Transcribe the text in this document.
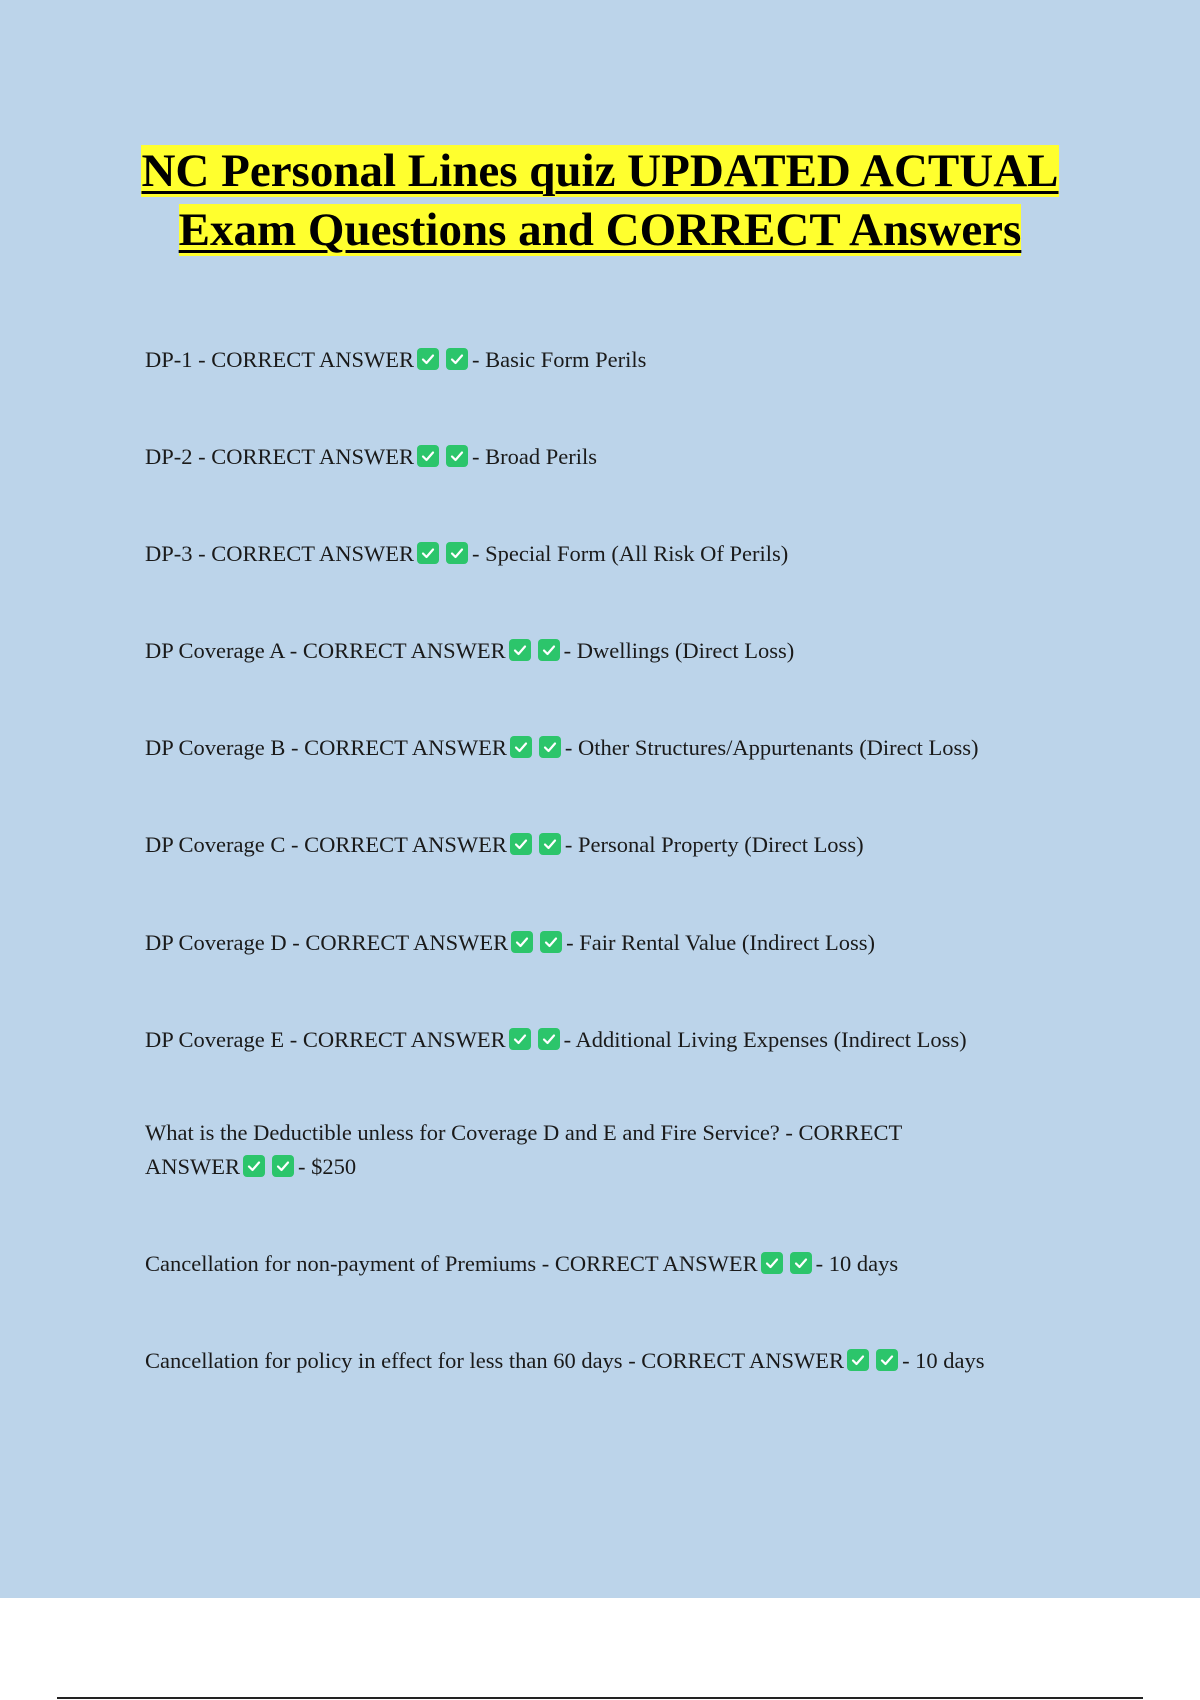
NC Personal Lines quiz UPDATED ACTUAL Exam Questions and CORRECT Answers
DP-1 - CORRECT ANSWER	- Basic Form Perils
DP-2 - CORRECT ANSWER	- Broad Perils
DP-3 - CORRECT ANSWER	- Special Form (All Risk Of Perils)
DP Coverage A - CORRECT ANSWER	- Dwellings (Direct Loss)
DP Coverage B - CORRECT ANSWER	- Other Structures/Appurtenants (Direct Loss)
DP Coverage C - CORRECT ANSWER	- Personal Property (Direct Loss)
DP Coverage D - CORRECT ANSWER	- Fair Rental Value (Indirect Loss)
DP Coverage E - CORRECT ANSWER	- Additional Living Expenses (Indirect Loss)
What is the Deductible unless for Coverage D and E and Fire Service? - CORRECT ANSWER	- $250
Cancellation for non-payment of Premiums - CORRECT ANSWER	- 10 days
Cancellation for policy in effect for less than 60 days - CORRECT ANSWER	- 10 days
